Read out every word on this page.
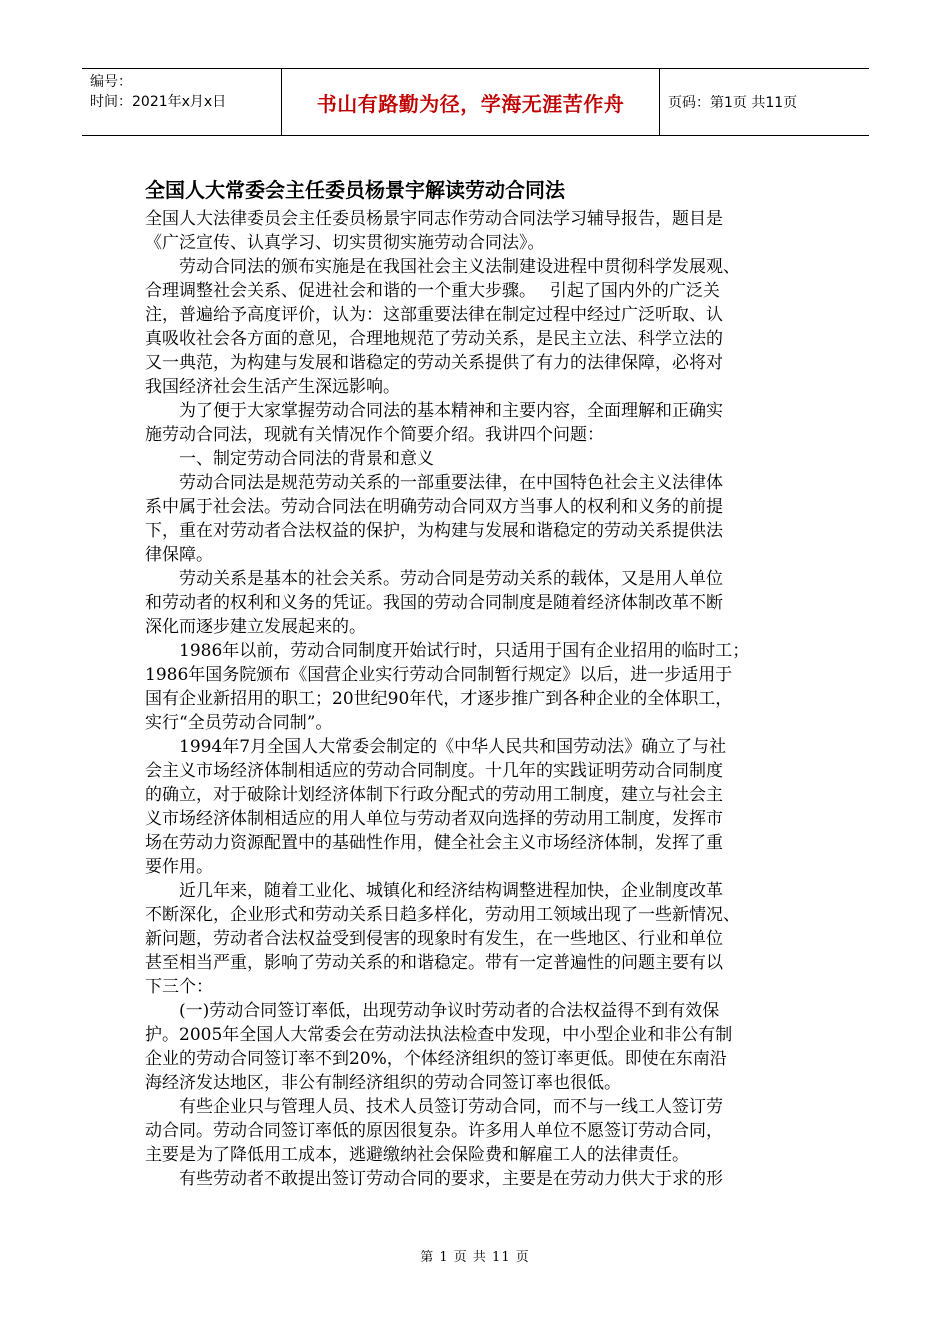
编号：
时间：2021年x月x日	书山有路勤为径，学海无涯苦作舟	页码：第1页 共11页
全国人大常委会主任委员杨景宇解读劳动合同法
全国人大法律委员会主任委员杨景宇同志作劳动合同法学习辅导报告，题目是
《广泛宣传、认真学习、切实贯彻实施劳动合同法》。
　　劳动合同法的颁布实施是在我国社会主义法制建设进程中贯彻科学发展观、
合理调整社会关系、促进社会和谐的一个重大步骤。　 引起了国内外的广泛关
注，普遍给予高度评价，认为：这部重要法律在制定过程中经过广泛听取、认
真吸收社会各方面的意见，合理地规范了劳动关系，是民主立法、科学立法的
又一典范，为构建与发展和谐稳定的劳动关系提供了有力的法律保障，必将对
我国经济社会生活产生深远影响。
　　为了便于大家掌握劳动合同法的基本精神和主要内容，全面理解和正确实
施劳动合同法，现就有关情况作个简要介绍。我讲四个问题：
　　一、制定劳动合同法的背景和意义
　　劳动合同法是规范劳动关系的一部重要法律，在中国特色社会主义法律体
系中属于社会法。劳动合同法在明确劳动合同双方当事人的权利和义务的前提
下，重在对劳动者合法权益的保护，为构建与发展和谐稳定的劳动关系提供法
律保障。
　　劳动关系是基本的社会关系。劳动合同是劳动关系的载体，又是用人单位
和劳动者的权利和义务的凭证。我国的劳动合同制度是随着经济体制改革不断
深化而逐步建立发展起来的。
　　1986年以前，劳动合同制度开始试行时，只适用于国有企业招用的临时工；
1986年国务院颁布《国营企业实行劳动合同制暂行规定》以后，进一步适用于
国有企业新招用的职工；20世纪90年代，才逐步推广到各种企业的全体职工，
实行“全员劳动合同制”。
　　1994年7月全国人大常委会制定的《中华人民共和国劳动法》确立了与社
会主义市场经济体制相适应的劳动合同制度。十几年的实践证明劳动合同制度
的确立，对于破除计划经济体制下行政分配式的劳动用工制度，建立与社会主
义市场经济体制相适应的用人单位与劳动者双向选择的劳动用工制度，发挥市
场在劳动力资源配置中的基础性作用，健全社会主义市场经济体制，发挥了重
要作用。
　　近几年来，随着工业化、城镇化和经济结构调整进程加快，企业制度改革
不断深化，企业形式和劳动关系日趋多样化，劳动用工领域出现了一些新情况、
新问题，劳动者合法权益受到侵害的现象时有发生，在一些地区、行业和单位
甚至相当严重，影响了劳动关系的和谐稳定。带有一定普遍性的问题主要有以
下三个：
　　(一)劳动合同签订率低，出现劳动争议时劳动者的合法权益得不到有效保
护。2005年全国人大常委会在劳动法执法检查中发现，中小型企业和非公有制
企业的劳动合同签订率不到20%，个体经济组织的签订率更低。即使在东南沿
海经济发达地区，非公有制经济组织的劳动合同签订率也很低。
　　有些企业只与管理人员、技术人员签订劳动合同，而不与一线工人签订劳
动合同。劳动合同签订率低的原因很复杂。许多用人单位不愿签订劳动合同，
主要是为了降低用工成本，逃避缴纳社会保险费和解雇工人的法律责任。
　　有些劳动者不敢提出签订劳动合同的要求，主要是在劳动力供大于求的形
第 1 页 共 11 页
